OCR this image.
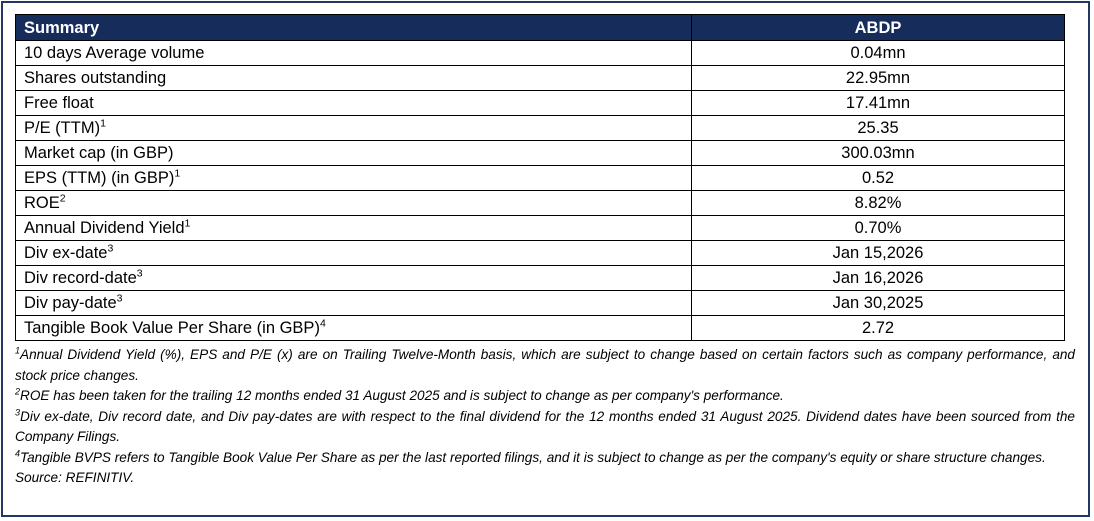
Summary	ABDP
10 days Average volume	0.04mn
Shares outstanding	22.95mn
Free float	17.41mn
P/E (TTM)$^1$	25.35
Market cap (in GBP)	300.03mn
EPS (TTM) (in GBP)$^1$	0.52
ROE$^2$	8.82%
Annual Dividend Yield$^1$	0.70%
Div ex-date$^3$	Jan 15,2026
Div record-date$^3$	Jan 16,2026
Div pay-date$^3$	Jan 30,2025
Tangible Book Value Per Share (in GBP)$^4$	2.72

$^1$Annual Dividend Yield (%), EPS and P/E (x) are on Trailing Twelve-Month basis, which are subject to change based on certain factors such as company performance, and stock price changes.

$^2$ROE has been taken for the trailing 12 months ended 31 August 2025 and is subject to change as per company's performance.

$^3$Div ex-date, Div record date, and Div pay-dates are with respect to the final dividend for the 12 months ended 31 August 2025. Dividend dates have been sourced from the Company Filings.

$^4$Tangible BVPS refers to Tangible Book Value Per Share as per the last reported filings, and it is subject to change as per the company's equity or share structure changes.

Source: REFINITIV.
